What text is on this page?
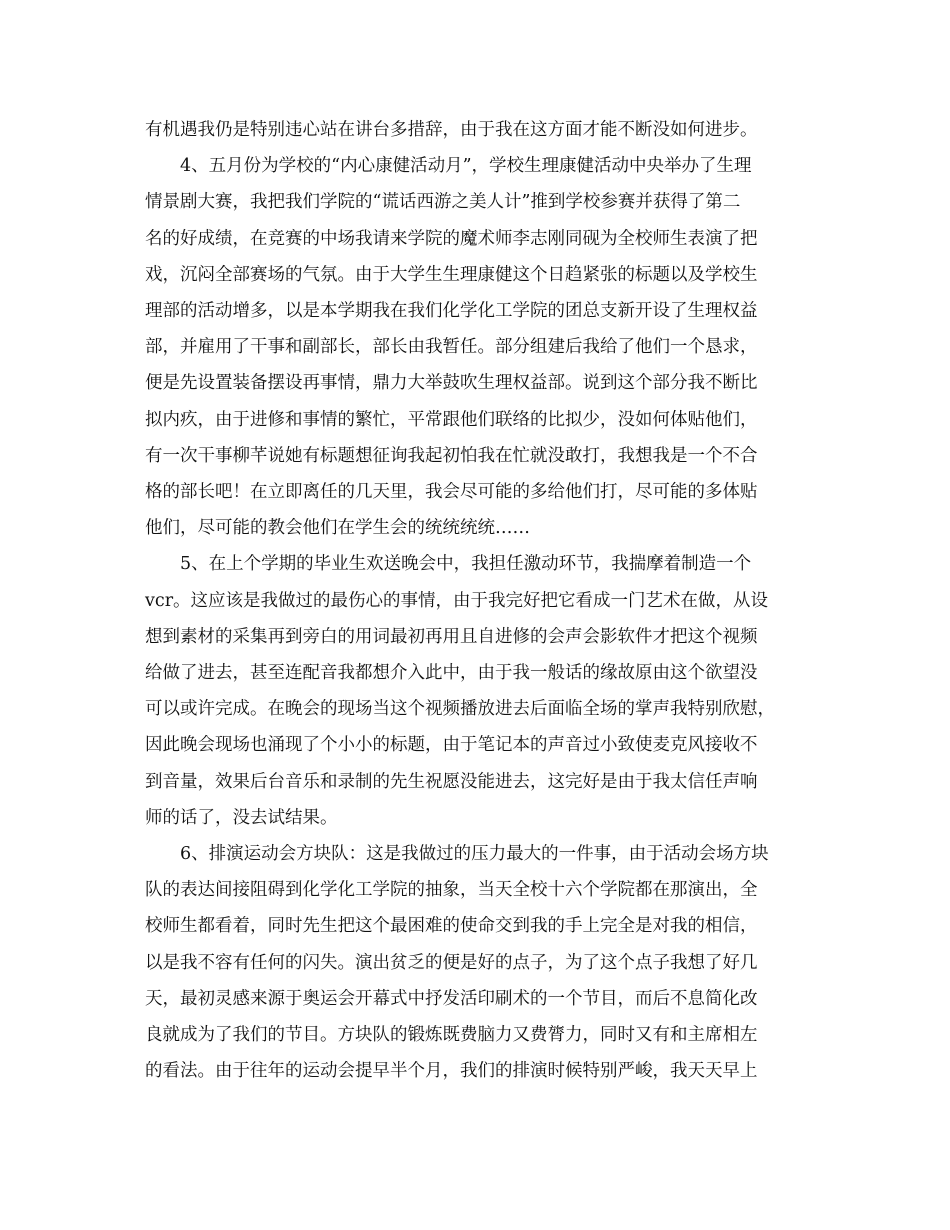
有机遇我仍是特别违心站在讲台多措辞，由于我在这方面才能不断没如何进步。
4、五月份为学校的“内心康健活动月”，学校生理康健活动中央举办了生理
情景剧大赛，我把我们学院的“谎话西游之美人计”推到学校参赛并获得了第二
名的好成绩，在竞赛的中场我请来学院的魔术师李志刚同砚为全校师生表演了把
戏，沉闷全部赛场的气氛。由于大学生生理康健这个日趋紧张的标题以及学校生
理部的活动增多，以是本学期我在我们化学化工学院的团总支新开设了生理权益
部，并雇用了干事和副部长，部长由我暂任。部分组建后我给了他们一个恳求，
便是先设置装备摆设再事情，鼎力大举鼓吹生理权益部。说到这个部分我不断比
拟内疚，由于进修和事情的繁忙，平常跟他们联络的比拟少，没如何体贴他们，
有一次干事柳芊说她有标题想征询我起初怕我在忙就没敢打，我想我是一个不合
格的部长吧！在立即离任的几天里，我会尽可能的多给他们打，尽可能的多体贴
他们，尽可能的教会他们在学生会的统统统统……
5、在上个学期的毕业生欢送晚会中，我担任激动环节，我揣摩着制造一个
vcr。这应该是我做过的最伤心的事情，由于我完好把它看成一门艺术在做，从设
想到素材的采集再到旁白的用词最初再用且自进修的会声会影软件才把这个视频
给做了进去，甚至连配音我都想介入此中，由于我一般话的缘故原由这个欲望没
可以或许完成。在晚会的现场当这个视频播放进去后面临全场的掌声我特别欣慰，
因此晚会现场也涌现了个小小的标题，由于笔记本的声音过小致使麦克风接收不
到音量，效果后台音乐和录制的先生祝愿没能进去，这完好是由于我太信任声响
师的话了，没去试结果。
6、排演运动会方块队：这是我做过的压力最大的一件事，由于活动会场方块
队的表达间接阻碍到化学化工学院的抽象，当天全校十六个学院都在那演出，全
校师生都看着，同时先生把这个最困难的使命交到我的手上完全是对我的相信，
以是我不容有任何的闪失。演出贫乏的便是好的点子，为了这个点子我想了好几
天，最初灵感来源于奥运会开幕式中抒发活印刷术的一个节目，而后不息简化改
良就成为了我们的节目。方块队的锻炼既费脑力又费膂力，同时又有和主席相左
的看法。由于往年的运动会提早半个月，我们的排演时候特别严峻，我天天早上
